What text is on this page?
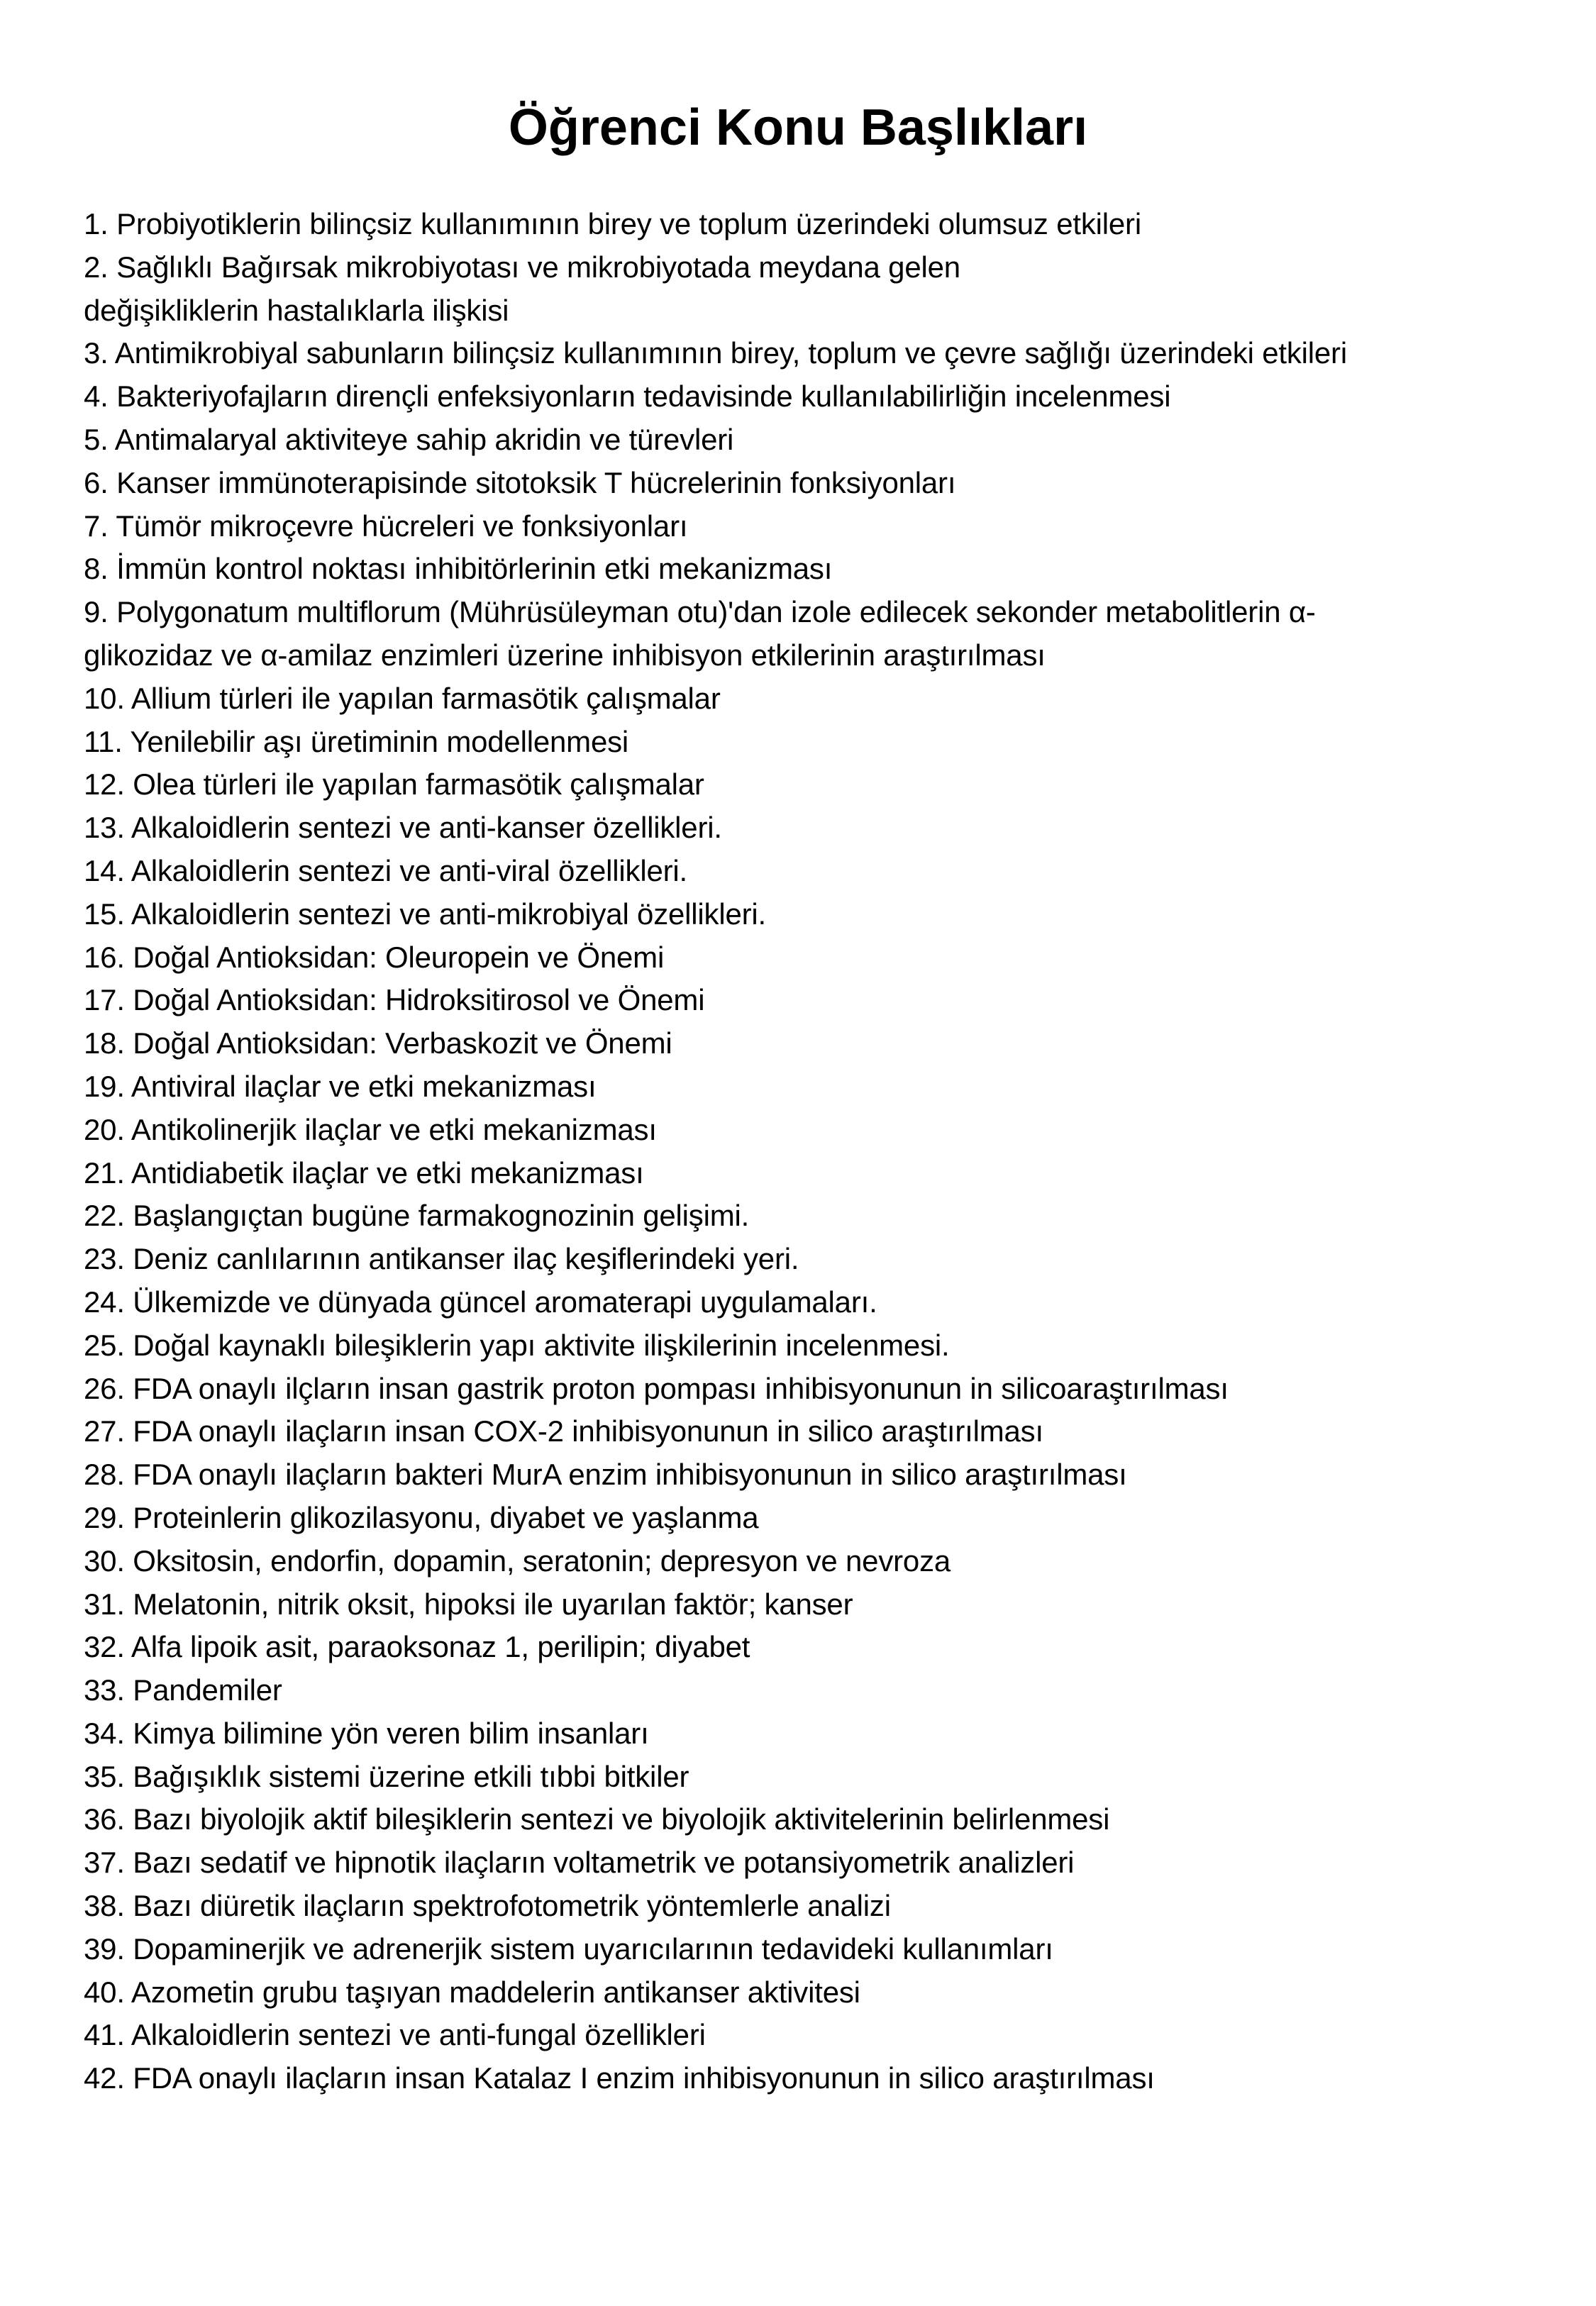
Öğrenci Konu Başlıkları
1. Probiyotiklerin bilinçsiz kullanımının birey ve toplum üzerindeki olumsuz etkileri
2. Sağlıklı Bağırsak mikrobiyotası ve mikrobiyotada meydana gelen
değişikliklerin hastalıklarla ilişkisi
3. Antimikrobiyal sabunların bilinçsiz kullanımının birey, toplum ve çevre sağlığı üzerindeki etkileri
4. Bakteriyofajların dirençli enfeksiyonların tedavisinde kullanılabilirliğin incelenmesi
5. Antimalaryal aktiviteye sahip akridin ve türevleri
6. Kanser immünoterapisinde sitotoksik T hücrelerinin fonksiyonları
7. Tümör mikroçevre hücreleri ve fonksiyonları
8. İmmün kontrol noktası inhibitörlerinin etki mekanizması
9. Polygonatum multiflorum (Mührüsüleyman otu)'dan izole edilecek sekonder metabolitlerin α-
glikozidaz ve α-amilaz enzimleri üzerine inhibisyon etkilerinin araştırılması
10. Allium türleri ile yapılan farmasötik çalışmalar
11. Yenilebilir aşı üretiminin modellenmesi
12. Olea türleri ile yapılan farmasötik çalışmalar
13. Alkaloidlerin sentezi ve anti-kanser özellikleri.
14. Alkaloidlerin sentezi ve anti-viral özellikleri.
15. Alkaloidlerin sentezi ve anti-mikrobiyal özellikleri.
16. Doğal Antioksidan: Oleuropein ve Önemi
17. Doğal Antioksidan: Hidroksitirosol ve Önemi
18. Doğal Antioksidan: Verbaskozit ve Önemi
19. Antiviral ilaçlar ve etki mekanizması
20. Antikolinerjik ilaçlar ve etki mekanizması
21. Antidiabetik ilaçlar ve etki mekanizması
22. Başlangıçtan bugüne farmakognozinin gelişimi.
23. Deniz canlılarının antikanser ilaç keşiflerindeki yeri.
24. Ülkemizde ve dünyada güncel aromaterapi uygulamaları.
25. Doğal kaynaklı bileşiklerin yapı aktivite ilişkilerinin incelenmesi.
26. FDA onaylı ilçların insan gastrik proton pompası inhibisyonunun in silicoaraştırılması
27. FDA onaylı ilaçların insan COX-2 inhibisyonunun in silico araştırılması
28. FDA onaylı ilaçların bakteri MurA enzim inhibisyonunun in silico araştırılması
29. Proteinlerin glikozilasyonu, diyabet ve yaşlanma
30. Oksitosin, endorfin, dopamin, seratonin; depresyon ve nevroza
31. Melatonin, nitrik oksit, hipoksi ile uyarılan faktör; kanser
32. Alfa lipoik asit, paraoksonaz 1, perilipin; diyabet
33. Pandemiler
34. Kimya bilimine yön veren bilim insanları
35. Bağışıklık sistemi üzerine etkili tıbbi bitkiler
36. Bazı biyolojik aktif bileşiklerin sentezi ve biyolojik aktivitelerinin belirlenmesi
37. Bazı sedatif ve hipnotik ilaçların voltametrik ve potansiyometrik analizleri
38. Bazı diüretik ilaçların spektrofotometrik yöntemlerle analizi
39. Dopaminerjik ve adrenerjik sistem uyarıcılarının tedavideki kullanımları
40. Azometin grubu taşıyan maddelerin antikanser aktivitesi
41. Alkaloidlerin sentezi ve anti-fungal özellikleri
42. FDA onaylı ilaçların insan Katalaz I enzim inhibisyonunun in silico araştırılması
